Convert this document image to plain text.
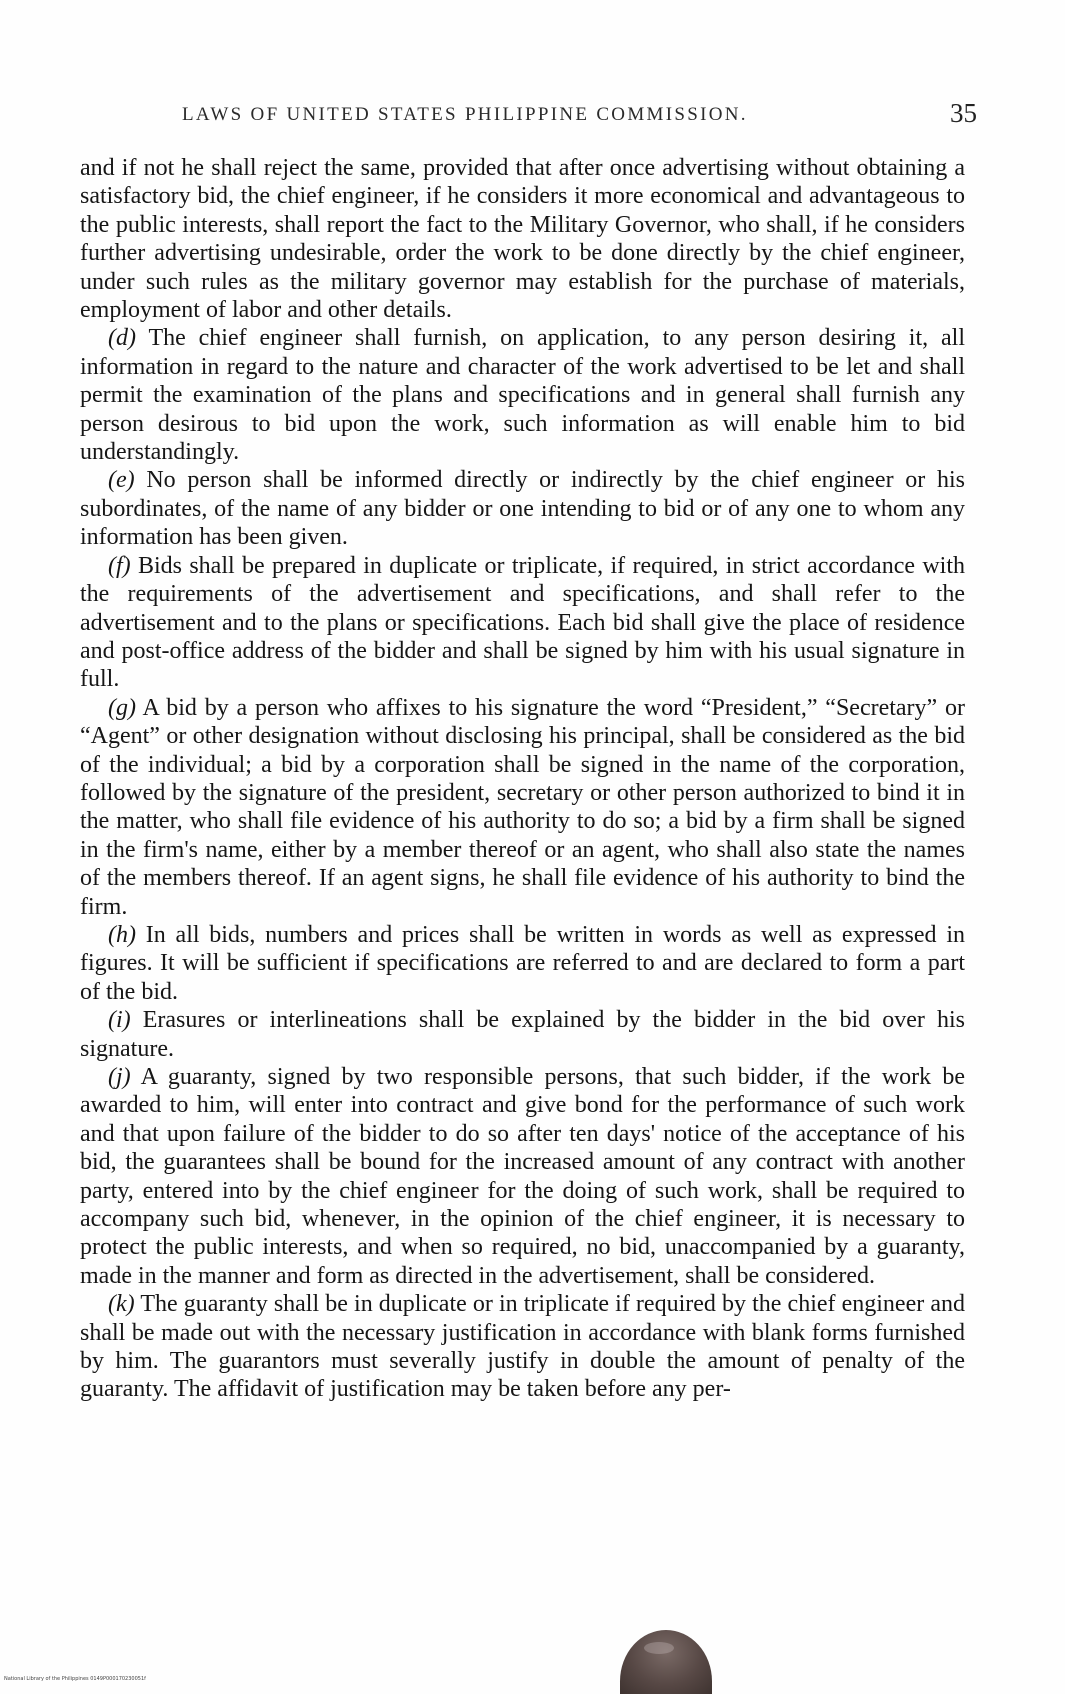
LAWS OF UNITED STATES PHILIPPINE COMMISSION.	35

and if not he shall reject the same, provided that after once advertising without obtaining a satisfactory bid, the chief engineer, if he considers it more economical and advantageous to the public interests, shall report the fact to the Military Governor, who shall, if he considers further advertising undesirable, order the work to be done directly by the chief engineer, under such rules as the military governor may establish for the purchase of materials, employment of labor and other details.

(d) The chief engineer shall furnish, on application, to any person desiring it, all information in regard to the nature and character of the work advertised to be let and shall permit the examination of the plans and specifications and in general shall furnish any person desirous to bid upon the work, such information as will enable him to bid understandingly.

(e) No person shall be informed directly or indirectly by the chief engineer or his subordinates, of the name of any bidder or one intending to bid or of any one to whom any information has been given.

(f) Bids shall be prepared in duplicate or triplicate, if required, in strict accordance with the requirements of the advertisement and specifications, and shall refer to the advertisement and to the plans or specifications. Each bid shall give the place of residence and post-office address of the bidder and shall be signed by him with his usual signature in full.

(g) A bid by a person who affixes to his signature the word “President,” “Secretary” or “Agent” or other designation without disclosing his principal, shall be considered as the bid of the individual; a bid by a corporation shall be signed in the name of the corporation, followed by the signature of the president, secretary or other person authorized to bind it in the matter, who shall file evidence of his authority to do so; a bid by a firm shall be signed in the firm's name, either by a member thereof or an agent, who shall also state the names of the members thereof. If an agent signs, he shall file evidence of his authority to bind the firm.

(h) In all bids, numbers and prices shall be written in words as well as expressed in figures. It will be sufficient if specifications are referred to and are declared to form a part of the bid.

(i) Erasures or interlineations shall be explained by the bidder in the bid over his signature.

(j) A guaranty, signed by two responsible persons, that such bidder, if the work be awarded to him, will enter into contract and give bond for the performance of such work and that upon failure of the bidder to do so after ten days' notice of the acceptance of his bid, the guarantees shall be bound for the increased amount of any contract with another party, entered into by the chief engineer for the doing of such work, shall be required to accompany such bid, whenever, in the opinion of the chief engineer, it is necessary to protect the public interests, and when so required, no bid, unaccompanied by a guaranty, made in the manner and form as directed in the advertisement, shall be considered.

(k) The guaranty shall be in duplicate or in triplicate if required by the chief engineer and shall be made out with the necessary justification in accordance with blank forms furnished by him. The guarantors must severally justify in double the amount of penalty of the guaranty. The affidavit of justification may be taken before any per-

National Library of the Philippines 0149P000170230051f
